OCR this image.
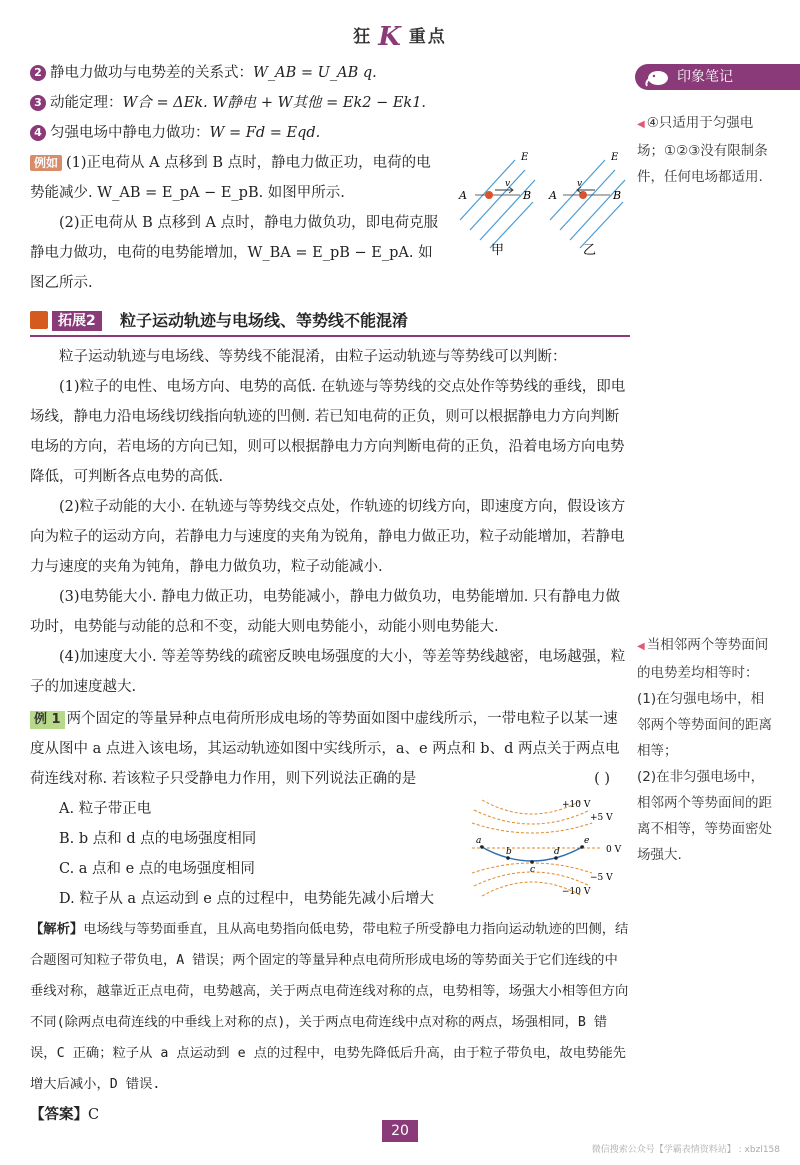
狂 K 重点

2 静电力做功与电势差的关系式：W_AB = U_AB q.

3 动能定理：W合 = ΔEk. W静电 + W其他 = Ek2 − Ek1.

4 匀强电场中静电力做功：W = Fd = Eqd.

例如 (1)正电荷从 A 点移到 B 点时，静电力做正功，电荷的电势能减少. W_AB = E_pA − E_pB. 如图甲所示.

(2)正电荷从 B 点移到 A 点时，静电力做负功，即电荷克服静电力做功，电荷的电势能增加，W_BA = E_pB − E_pA. 如图乙所示.

拓展2	粒子运动轨迹与电场线、等势线不能混淆

粒子运动轨迹与电场线、等势线不能混淆，由粒子运动轨迹与等势线可以判断：

(1)粒子的电性、电场方向、电势的高低. 在轨迹与等势线的交点处作等势线的垂线，即电场线，静电力沿电场线切线指向轨迹的凹侧. 若已知电荷的正负，则可以根据静电力方向判断电场的方向，若电场的方向已知，则可以根据静电力方向判断电荷的正负，沿着电场方向电势降低，可判断各点电势的高低.

(2)粒子动能的大小. 在轨迹与等势线交点处，作轨迹的切线方向，即速度方向，假设该方向为粒子的运动方向，若静电力与速度的夹角为锐角，静电力做正功，粒子动能增加，若静电力与速度的夹角为钝角，静电力做负功，粒子动能减小.

(3)电势能大小. 静电力做正功，电势能减小，静电力做负功，电势能增加. 只有静电力做功时，电势能与动能的总和不变，动能大则电势能小，动能小则电势能大.

(4)加速度大小. 等差等势线的疏密反映电场强度的大小，等差等势线越密，电场越强，粒子的加速度越大.

例 1 两个固定的等量异种点电荷所形成电场的等势面如图中虚线所示，一带电粒子以某一速度从图中 a 点进入该电场，其运动轨迹如图中实线所示，a、e 两点和 b、d 两点关于两点电荷连线对称. 若该粒子只受静电力作用，则下列说法正确的是	( )

A. 粒子带正电

B. b 点和 d 点的电场强度相同

C. a 点和 e 点的电场强度相同

D. 粒子从 a 点运动到 e 点的过程中，电势能先减小后增大

【解析】电场线与等势面垂直，且从高电势指向低电势，带电粒子所受静电力指向运动轨迹的凹侧，结合题图可知粒子带负电，A 错误；两个固定的等量异种点电荷所形成电场的等势面关于它们连线的中垂线对称，越靠近正点电荷，电势越高，关于两点电荷连线对称的点，电势相等，场强大小相等但方向不同(除两点电荷连线的中垂线上对称的点)，关于两点电荷连线中点对称的两点，场强相同，B 错误，C 正确；粒子从 a 点运动到 e 点的过程中，电势先降低后升高，由于粒子带负电，故电势能先增大后减小，D 错误.

【答案】C

A	B A	B
E	E
v	v
甲	乙
a
b
c
d
e
+10 V
+5 V
0 V
−5 V
−10 V
印象笔记
◀ ④只适用于匀强电场；①②③没有限制条件，任何电场都适用.
◀ 当相邻两个等势面间的电势差均相等时：
(1)在匀强电场中，相邻两个等势面间的距离相等；
(2)在非匀强电场中，相邻两个等势面间的距离不相等，等势面密处场强大.
20
微信搜索公众号【学霸表情资料站】 : xbzl158
